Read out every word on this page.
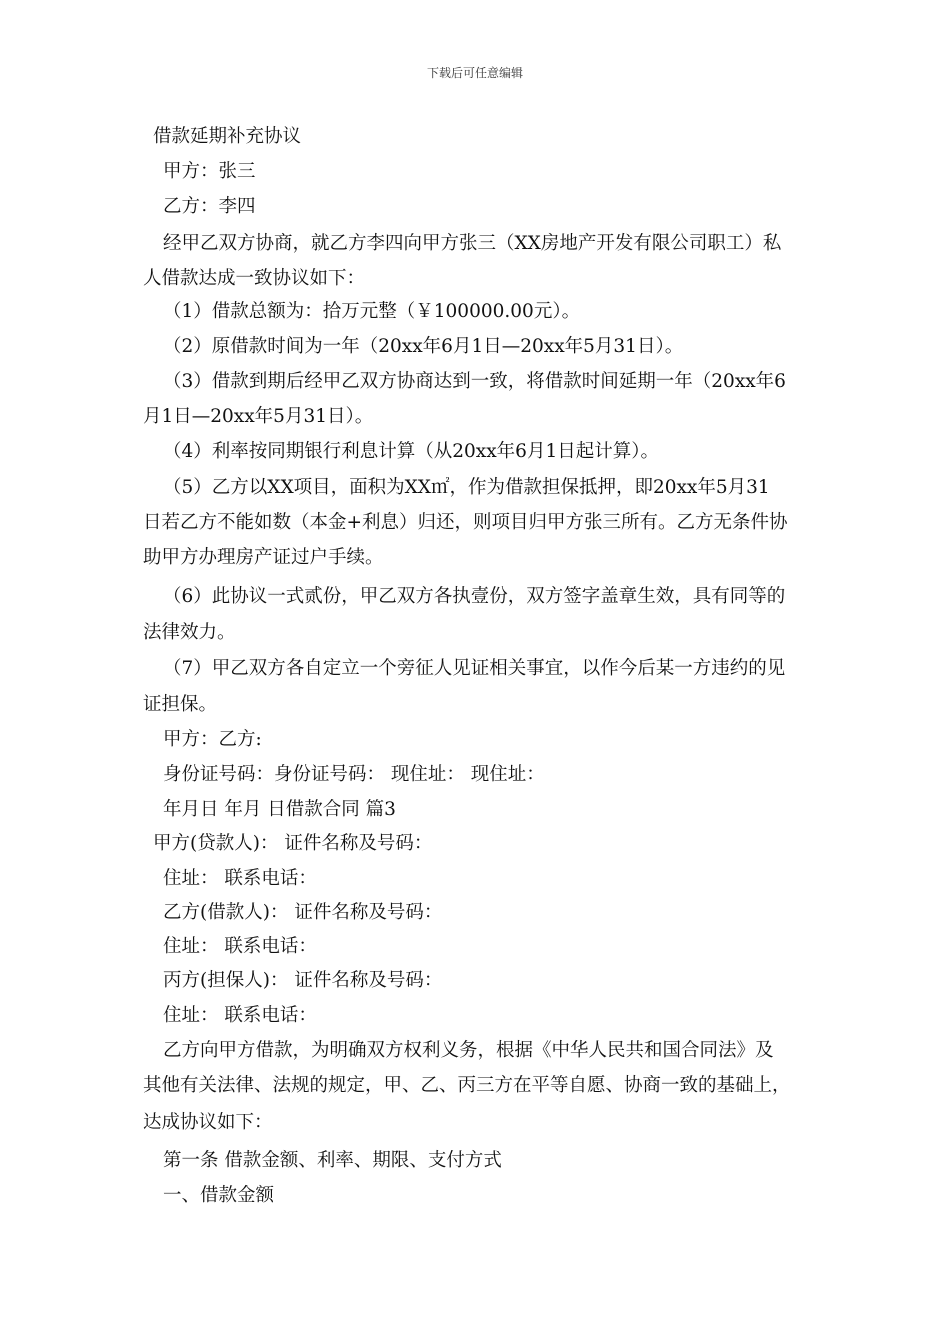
下载后可任意编辑
借款延期补充协议
甲方：张三
乙方：李四
经甲乙双方协商，就乙方李四向甲方张三（XX房地产开发有限公司职工）私
人借款达成一致协议如下：
（1）借款总额为：拾万元整（￥100000.00元）。
（2）原借款时间为一年（20xx年6月1日—20xx年5月31日）。
（3）借款到期后经甲乙双方协商达到一致，将借款时间延期一年（20xx年6
月1日—20xx年5月31日）。
（4）利率按同期银行利息计算（从20xx年6月1日起计算）。
（5）乙方以XX项目，面积为XX㎡，作为借款担保抵押，即20xx年5月31
日若乙方不能如数（本金+利息）归还，则项目归甲方张三所有。乙方无条件协
助甲方办理房产证过户手续。
（6）此协议一式贰份，甲乙双方各执壹份，双方签字盖章生效，具有同等的
法律效力。
（7）甲乙双方各自定立一个旁征人见证相关事宜，以作今后某一方违约的见
证担保。
甲方：乙方:
身份证号码：身份证号码： 现住址： 现住址：
年月日 年月 日借款合同 篇3
甲方(贷款人)： 证件名称及号码：
住址： 联系电话：
乙方(借款人)： 证件名称及号码：
住址： 联系电话：
丙方(担保人)： 证件名称及号码：
住址： 联系电话：
乙方向甲方借款，为明确双方权利义务，根据《中华人民共和国合同法》及
其他有关法律、法规的规定，甲、乙、丙三方在平等自愿、协商一致的基础上，
达成协议如下：
第一条 借款金额、利率、期限、支付方式
一、借款金额
